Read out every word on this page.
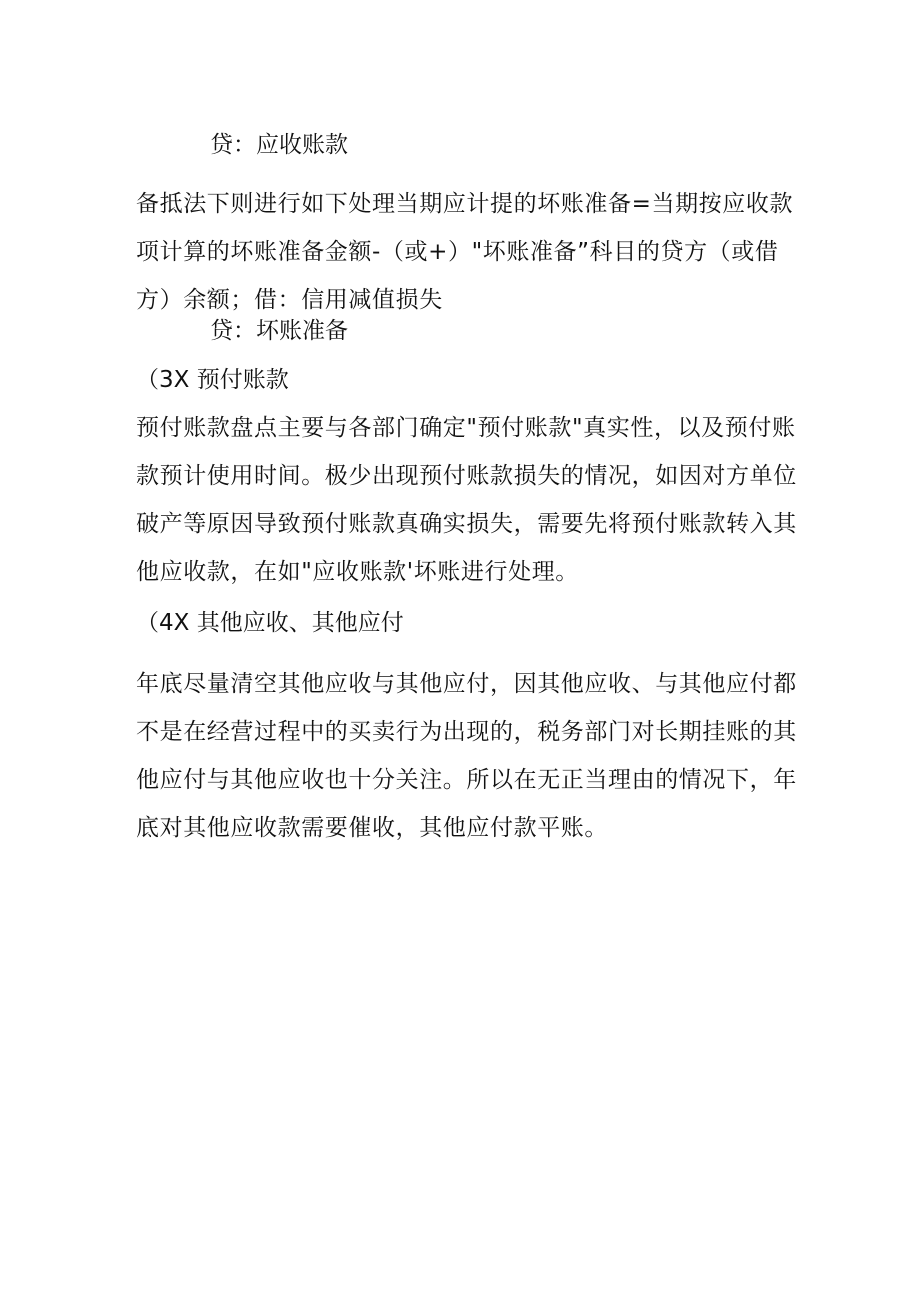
贷：应收账款

备抵法下则进行如下处理当期应计提的坏账准备=当期按应收款
项计算的坏账准备金额-（或+）"坏账准备”科目的贷方（或借
方）余额；借：信用减值损失

贷：坏账准备

（3X 预付账款

预付账款盘点主要与各部门确定"预付账款"真实性，以及预付账
款预计使用时间。极少出现预付账款损失的情况，如因对方单位
破产等原因导致预付账款真确实损失，需要先将预付账款转入其
他应收款，在如"应收账款'坏账进行处理。

（4X 其他应收、其他应付

年底尽量清空其他应收与其他应付，因其他应收、与其他应付都
不是在经营过程中的买卖行为出现的，税务部门对长期挂账的其
他应付与其他应收也十分关注。所以在无正当理由的情况下，年
底对其他应收款需要催收，其他应付款平账。
